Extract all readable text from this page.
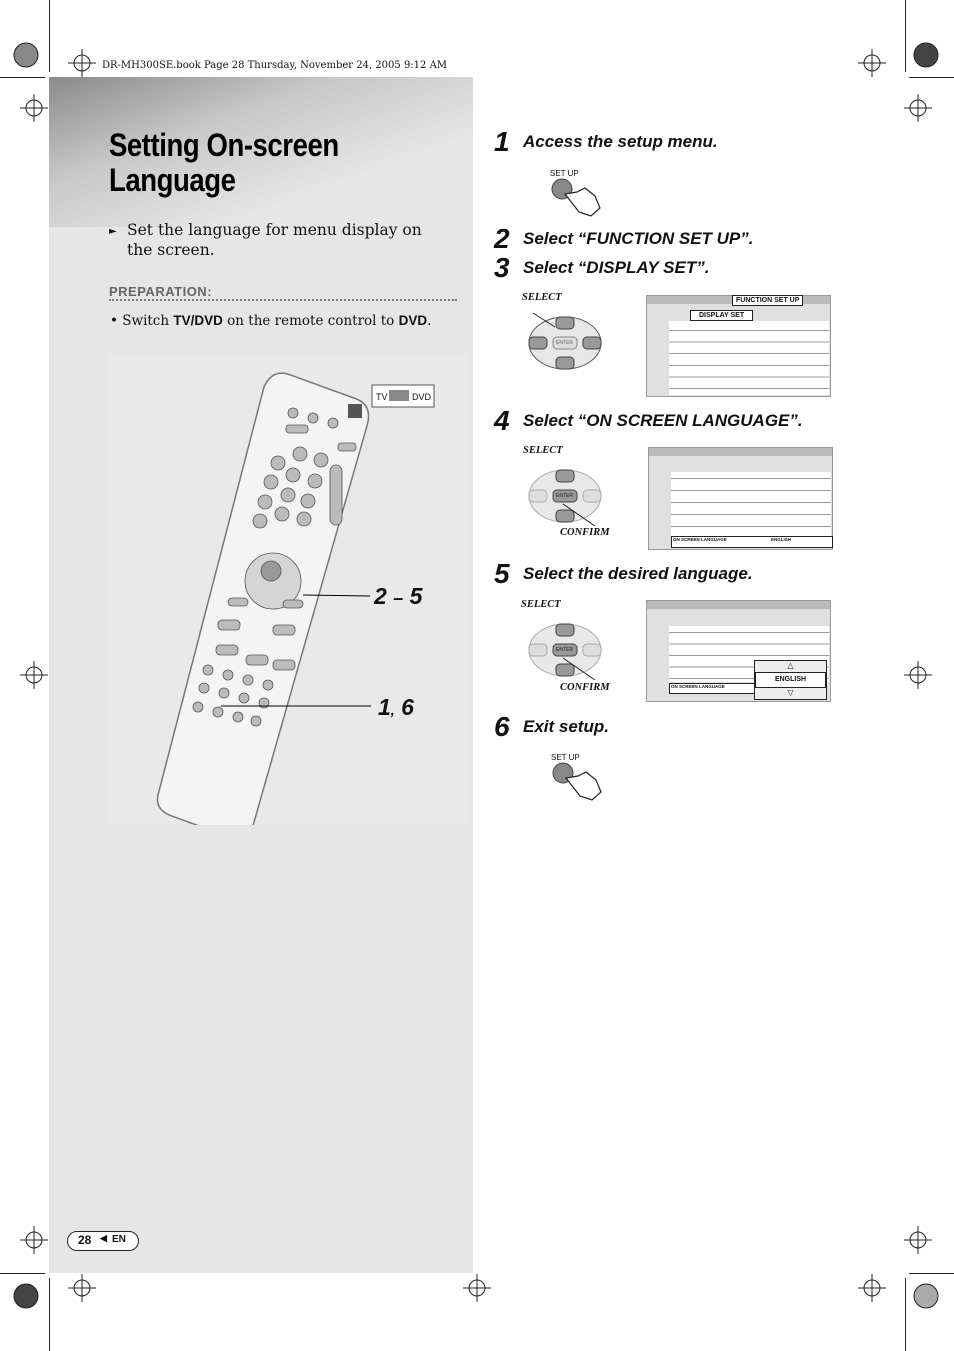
DR-MH300SE.book Page 28 Thursday, November 24, 2005 9:12 AM
Setting On-screen
Language
► Set the language for menu display on the screen.
PREPARATION:
• Switch TV/DVD on the remote control to DVD.
TV	DVD
2 – 5
1, 6
1 Access the setup menu.
SET UP
2 Select “FUNCTION SET UP”.
3 Select “DISPLAY SET”.
SELECT
ENTER
FUNCTION SET UP
DISPLAY SET
4 Select “ON SCREEN LANGUAGE”.
SELECT
ENTER
CONFIRM
ON SCREEN LANGUAGE	ENGLISH
5 Select the desired language.
SELECT
ENTER
CONFIRM	ON SCREEN LANGUAGE
△
ENGLISH
▽
6 Exit setup.
SET UP
28 ◀ EN
